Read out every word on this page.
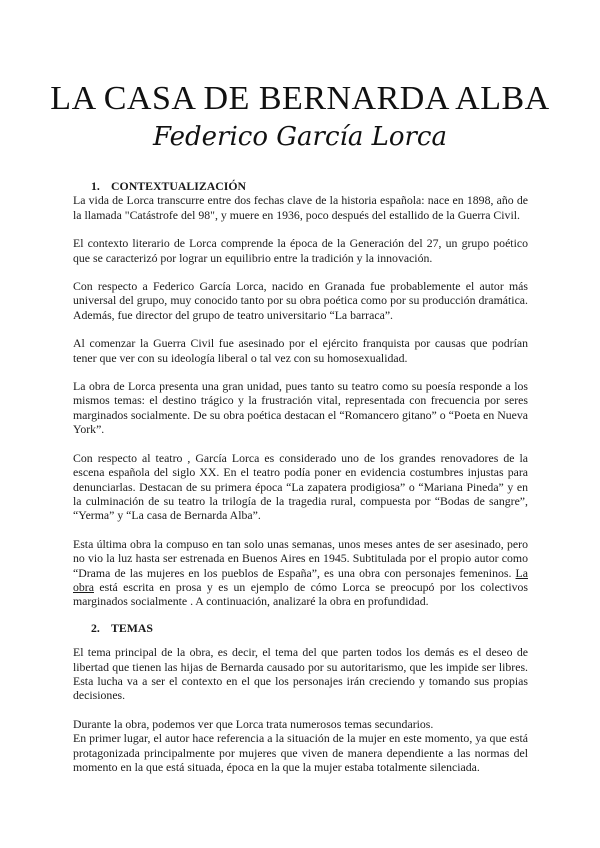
LA CASA DE BERNARDA ALBA
Federico García Lorca
1. CONTEXTUALIZACIÓN

La vida de Lorca transcurre entre dos fechas clave de la historia española: nace en 1898, año de la llamada "Catástrofe del 98", y muere en 1936, poco después del estallido de la Guerra Civil.

El contexto literario de Lorca comprende la época de la Generación del 27, un grupo poético que se caracterizó por lograr un equilibrio entre la tradición y la innovación.

Con respecto a Federico García Lorca, nacido en Granada fue probablemente el autor más universal del grupo, muy conocido tanto por su obra poética como por su producción dramática. Además, fue director del grupo de teatro universitario “La barraca”.

Al comenzar la Guerra Civil fue asesinado por el ejército franquista por causas que podrían tener que ver con su ideología liberal o tal vez con su homosexualidad.

La obra de Lorca presenta una gran unidad, pues tanto su teatro como su poesía responde a los mismos temas: el destino trágico y la frustración vital, representada con frecuencia por seres marginados socialmente. De su obra poética destacan el “Romancero gitano” o “Poeta en Nueva York”.

Con respecto al teatro , García Lorca es considerado uno de los grandes renovadores de la escena española del siglo XX. En el teatro podía poner en evidencia costumbres injustas para denunciarlas. Destacan de su primera época “La zapatera prodigiosa” o “Mariana Pineda” y en la culminación de su teatro la trilogía de la tragedia rural, compuesta por “Bodas de sangre”, “Yerma” y “La casa de Bernarda Alba”.

Esta última obra la compuso en tan solo unas semanas, unos meses antes de ser asesinado, pero no vio la luz hasta ser estrenada en Buenos Aires en 1945. Subtitulada por el propio autor como “Drama de las mujeres en los pueblos de España”, es una obra con personajes femeninos. La obra está escrita en prosa y es un ejemplo de cómo Lorca se preocupó por los colectivos marginados socialmente . A continuación, analizaré la obra en profundidad.

2. TEMAS

El tema principal de la obra, es decir, el tema del que parten todos los demás es el deseo de libertad que tienen las hijas de Bernarda causado por su autoritarismo, que les impide ser libres. Esta lucha va a ser el contexto en el que los personajes irán creciendo y tomando sus propias decisiones.

Durante la obra, podemos ver que Lorca trata numerosos temas secundarios.

En primer lugar, el autor hace referencia a la situación de la mujer en este momento, ya que está protagonizada principalmente por mujeres que viven de manera dependiente a las normas del momento en la que está situada, época en la que la mujer estaba totalmente silenciada.
